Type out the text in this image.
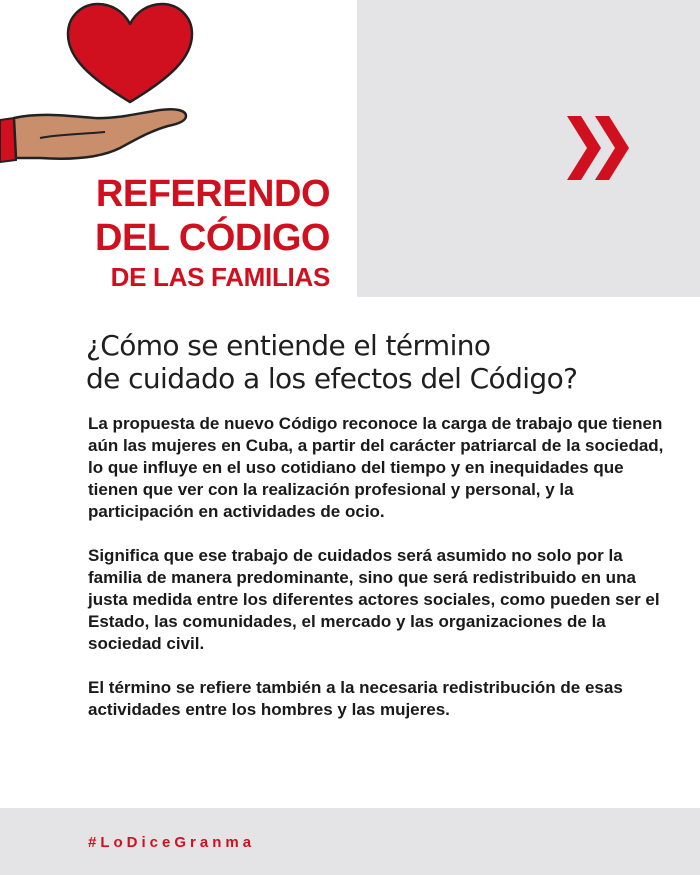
REFERENDO
DEL CÓDIGO
DE LAS FAMILIAS
¿Cómo se entiende el término
de cuidado a los efectos del Código?

La propuesta de nuevo Código reconoce la carga de trabajo que tienen aún las mujeres en Cuba, a partir del carácter patriarcal de la sociedad, lo que influye en el uso cotidiano del tiempo y en inequidades que tienen que ver con la realización profesional y personal, y la participación en actividades de ocio.

Significa que ese trabajo de cuidados será asumido no solo por la familia de manera predominante, sino que será redistribuido en una justa medida entre los diferentes actores sociales, como pueden ser el Estado, las comunidades, el mercado y las organizaciones de la sociedad civil.

El término se refiere también a la necesaria redistribución de esas actividades entre los hombres y las mujeres.

#LoDiceGranma
